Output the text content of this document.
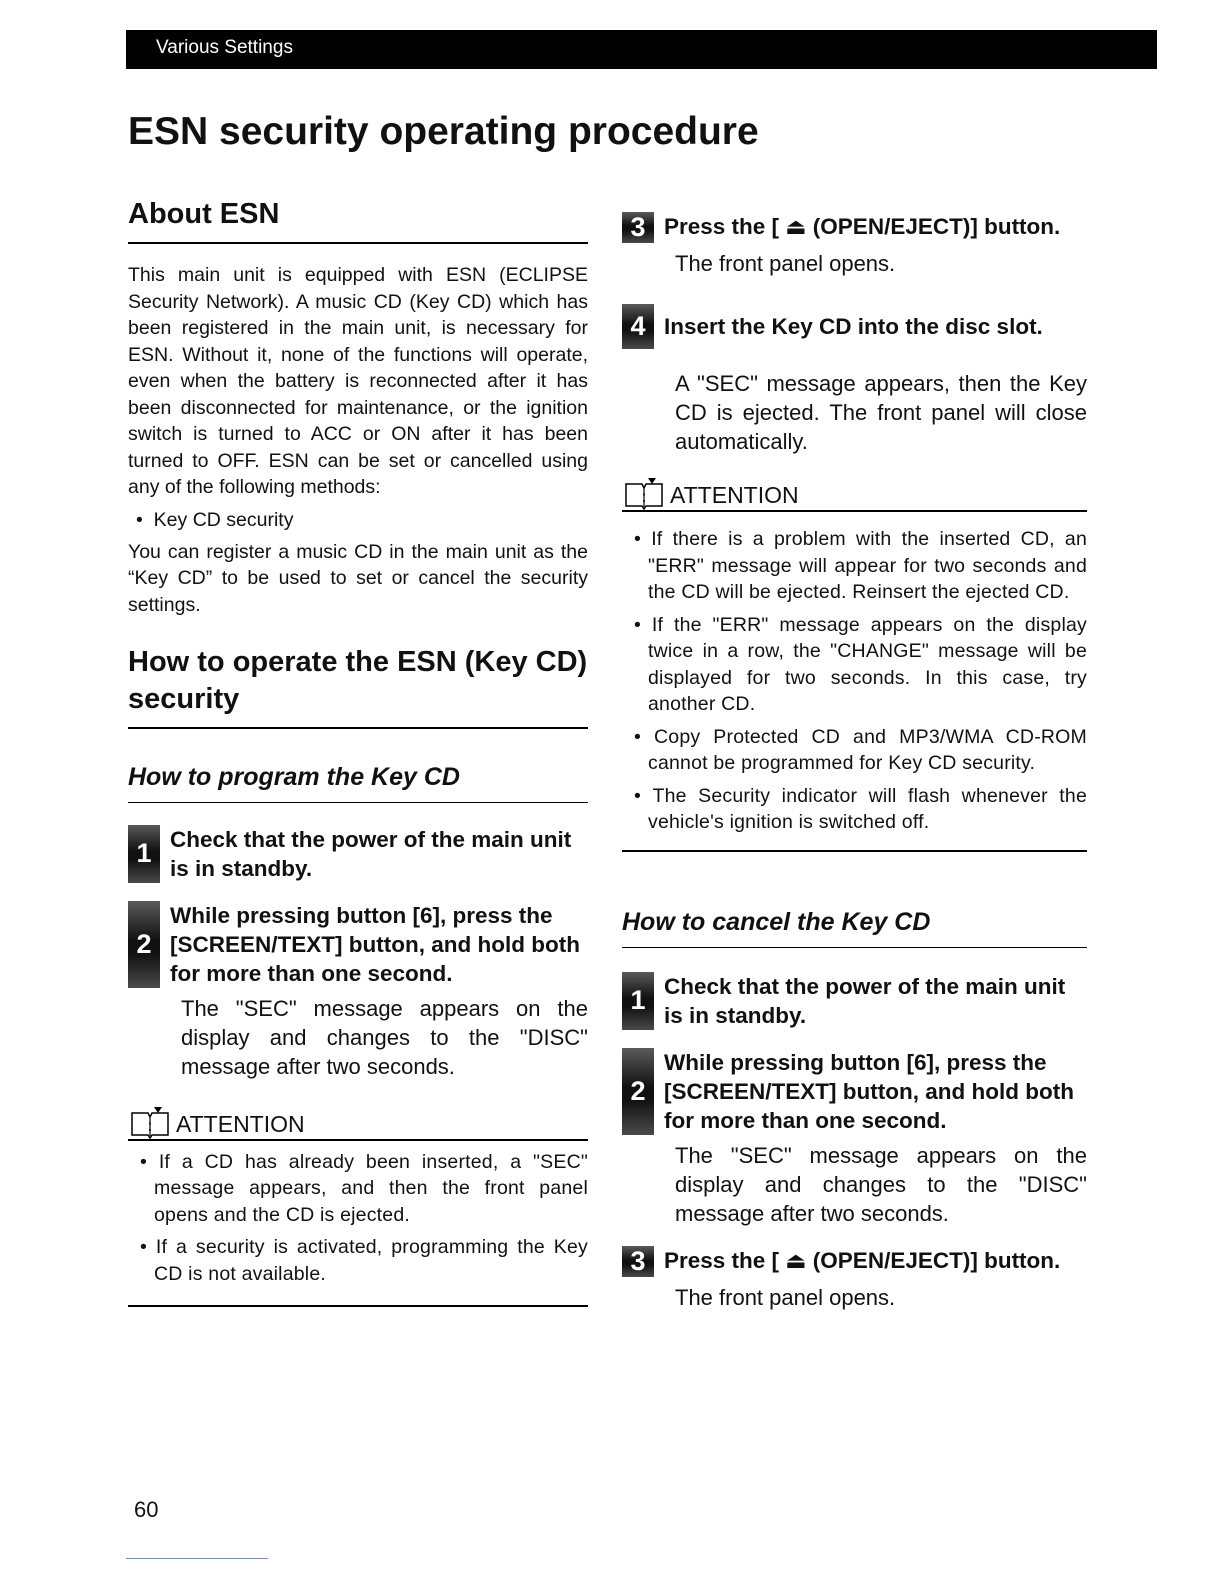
Various Settings
ESN security operating procedure
About ESN

This main unit is equipped with ESN (ECLIPSE Security Network). A music CD (Key CD) which has been registered in the main unit, is necessary for ESN. Without it, none of the functions will operate, even when the battery is reconnected after it has been disconnected for maintenance, or the ignition switch is turned to ACC or ON after it has been turned to OFF. ESN can be set or cancelled using any of the following methods:

•  Key CD security

You can register a music CD in the main unit as the “Key CD” to be used to set or cancel the security settings.

How to operate the ESN (Key CD) security
How to program the Key CD
1 Check that the power of the main unit is in standby.
2
While pressing button [6], press the [SCREEN/TEXT] button, and hold both for more than one second.
The "SEC" message appears on the display and changes to the "DISC" message after two seconds.
: ATTENTION
• If a CD has already been inserted, a "SEC" message appears, and then the front panel opens and the CD is ejected.
• If a security is activated, programming the Key CD is not available.
3 Press the [ ⏏ (OPEN/EJECT)] button.
The front panel opens.
4 Insert the Key CD into the disc slot.
A "SEC" message appears, then the Key CD is ejected. The front panel will close automatically.
: ATTENTION
• If there is a problem with the inserted CD, an "ERR" message will appear for two seconds and the CD will be ejected. Reinsert the ejected CD.
• If the "ERR" message appears on the display twice in a row, the "CHANGE" message will be displayed for two seconds. In this case, try another CD.
• Copy Protected CD and MP3/WMA CD-ROM cannot be programmed for Key CD security.
• The Security indicator will flash whenever the vehicle's ignition is switched off.
How to cancel the Key CD
1 Check that the power of the main unit is in standby.
2
While pressing button [6], press the [SCREEN/TEXT] button, and hold both for more than one second.
The "SEC" message appears on the display and changes to the "DISC" message after two seconds.
3 Press the [ ⏏ (OPEN/EJECT)] button.
The front panel opens.
60
